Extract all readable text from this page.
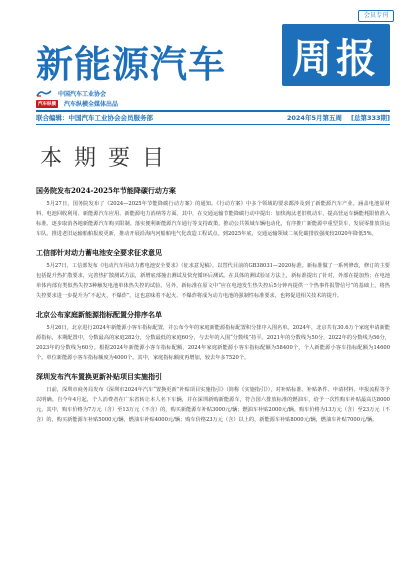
会员专刊
新能源汽车 周报
中国汽车工业协会
汽车纵横	汽车纵横全媒体出品
联合编辑：中国汽车工业协会会员服务部	2024年5月第五周 [总第333期]
本期要目
国务院发布2024-2025年节能降碳行动方案

5月27日，国务院发布了《2024—2025年节能降碳行动方案》的通知。《行动方案》中多个领域的要求都涉及到了新能源汽车产业。涵盖电池原材料、电池回收利用、新能源汽车应用、新能源电力消纳等方面。其中，在交通运输节能降碳行动中提出：加快淘汰老旧机动车，提高营运车辆能耗限值准入标准。逐步取消各地新能源汽车购买限制。落实便利新能源汽车通行等支持政策。推动公共领域车辆电动化，有序推广新能源中重型货车，发展零排放货运车队。推进老旧运输船舶报废更新，推动开展沿海内河船舶电气化改造工程试点。到2025年底，交通运输领域二氧化碳排放强度较2020年降低5%。

工信部针对动力蓄电池安全要求征求意见

5月27日，工信部发布《电动汽车用动力蓄电池安全要求》（征求意见稿），以替代目前的GB38031—2020标准。新标准做了一系列修改，修订的主要包括提升热扩散要求，完善热扩散测试方法，新增底部撞击测试及快充循环后测试。在具体的测试验证方法上，新标准提出了针对，外部在提加热；在电池单体内部有类似热失控3种触发电池单体热失控的试验。另外，新标准在原文中“应在电池发生热失控后5分钟内提供一个热事件报警信号”的基础上，将热失控要求进一步提升为“不起火、不爆炸”。这也意味着不起火、不爆炸将成为动力电池的强制性标准要求，也将促进相关技术的提升。

北京公布家庭新能源指标配置分排序名单

5月26日，北京进行2024年新能源小客车指标配置，并公布今年的家庭新能源指标配置积分排序入围名单。2024年，北京共有30.6万个家庭申请新能源指标，本期配置中，分数最高的家庭282分，分数最低的家庭60分，与去年的入围“分数线”持平。2021年的分数线为50分，2022年的分数线为56分，2023年的分数线为60分。根据2024年新能源小客车指标配额，2024年家庭新能源小客车指标配额为58400个，个人新能源小客车指标配额为14600个。单位新能源小客车指标额度为4000个。其中，家庭指标额度再增加，较去年多7520个。

深圳发布汽车置换更新补贴项目实施指引

日前，深圳市商务局发布《深圳市2024年汽车“置换更新”补贴项目实施指引》（简称《实施指引》），对补贴标准、补贴条件、申请材料、申报流程等予以明确。自今年4月起，个人消费者在广东省转让本人名下车辆，并在深圳新购新能源车，符合国六排放标准的燃油车，给予一次性购车补贴最高达8000元，其中，购车价格为7万元（含）至13万元（不含）的，购买新能源车补贴3000元/辆；燃油车补贴2000元/辆。购车价格为13万元（含）至23万元（不含）的，购买新能源车补贴5000元/辆，燃油车补贴4000元/辆；购车价格23万元（含）以上的，新能源车补贴8000元/辆，燃油车补贴7000元/辆。
